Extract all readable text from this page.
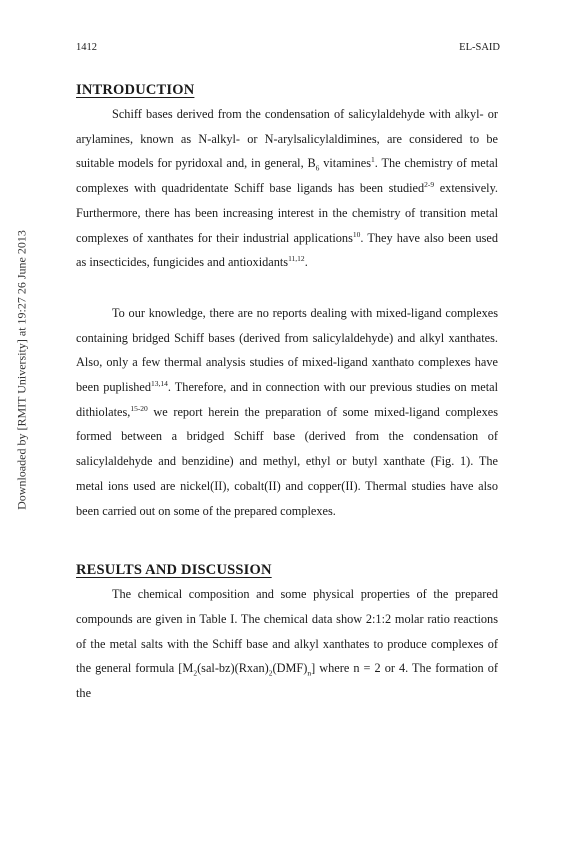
Downloaded by [RMIT University] at 19:27 26 June 2013
1412	EL-SAID
INTRODUCTION

Schiff bases derived from the condensation of salicylaldehyde with alkyl- or arylamines, known as N-alkyl- or N-arylsalicylaldimines, are considered to be suitable models for pyridoxal and, in general, $B_6$ vitamines$^1$. The chemistry of metal complexes with quadridentate Schiff base ligands has been studied$^{2-9}$ extensively. Furthermore, there has been increasing interest in the chemistry of transition metal complexes of xanthates for their industrial applications$^{10}$. They have also been used as insecticides, fungicides and antioxidants$^{11,12}$.

To our knowledge, there are no reports dealing with mixed-ligand complexes containing bridged Schiff bases (derived from salicylaldehyde) and alkyl xanthates. Also, only a few thermal analysis studies of mixed-ligand xanthato complexes have been puplished$^{13,14}$. Therefore, and in connection with our previous studies on metal dithiolates,$^{15-20}$ we report herein the preparation of some mixed-ligand complexes formed between a bridged Schiff base (derived from the condensation of salicylaldehyde and benzidine) and methyl, ethyl or butyl xanthate (Fig. 1). The metal ions used are nickel(II), cobalt(II) and copper(II). Thermal studies have also been carried out on some of the prepared complexes.

RESULTS AND DISCUSSION

The chemical composition and some physical properties of the prepared compounds are given in Table I. The chemical data show 2:1:2 molar ratio reactions of the metal salts with the Schiff base and alkyl xanthates to produce complexes of the general formula $[M_2(sal-bz)(Rxan)_2(DMF)_n]$ where n = 2 or 4. The formation of the
